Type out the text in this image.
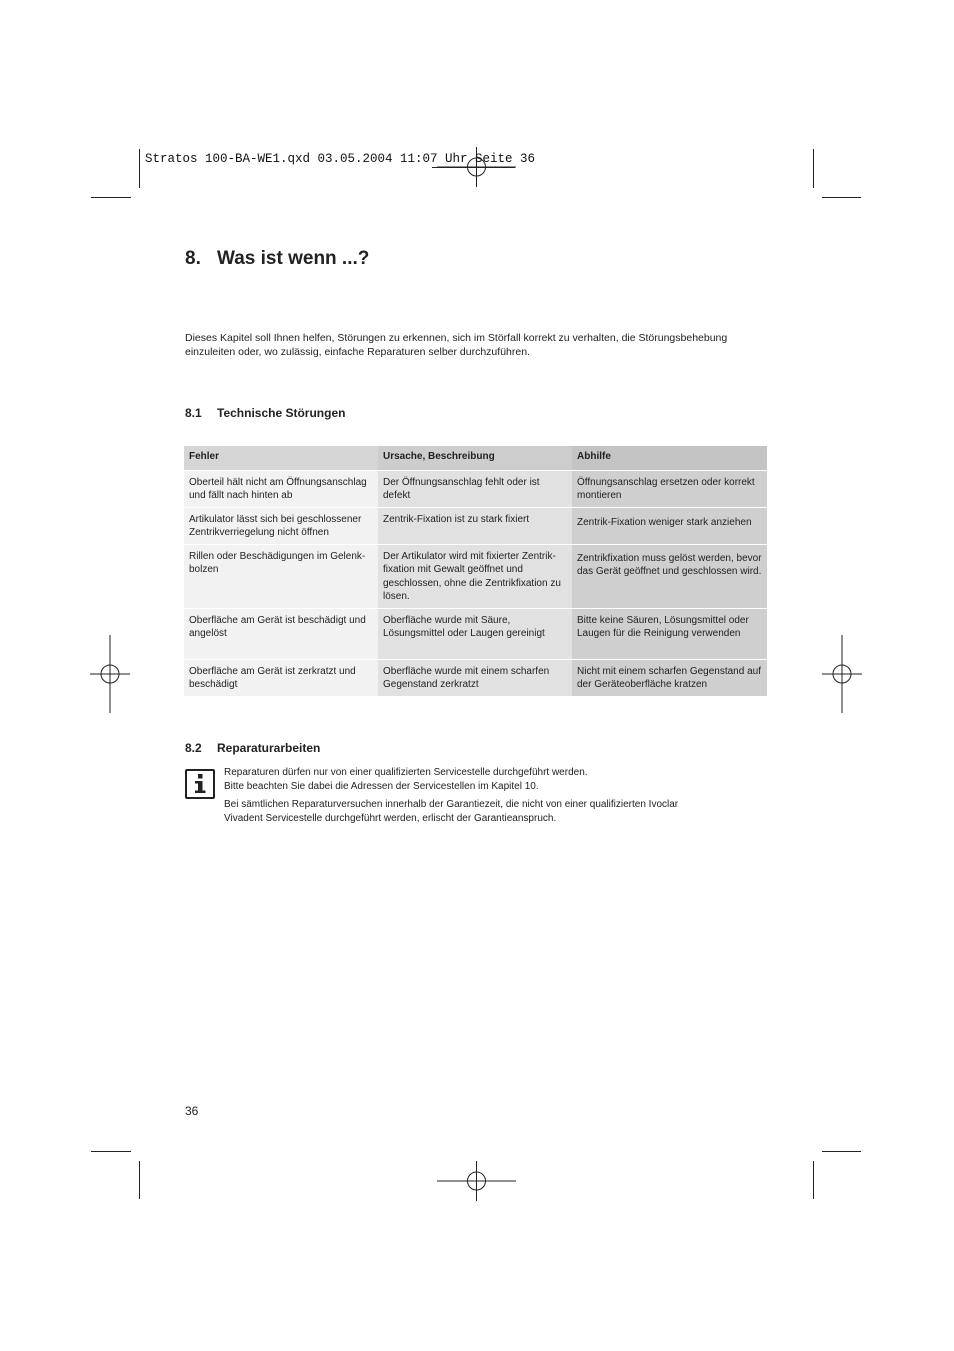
Stratos 100-BA-WE1.qxd 03.05.2004 11:07 Uhr Seite 36
8. Was ist wenn ...?
Dieses Kapitel soll Ihnen helfen, Störungen zu erkennen, sich im Störfall korrekt zu verhalten, die Störungsbehebung einzuleiten oder, wo zulässig, einfache Reparaturen selber durchzuführen.
8.1 Technische Störungen
Fehler	Ursache, Beschreibung	Abhilfe
Oberteil hält nicht am Öffnungsanschlag und fällt nach hinten ab	Der Öffnungsanschlag fehlt oder ist defekt	Öffnungsanschlag ersetzen oder korrekt montieren
Artikulator lässt sich bei geschlossener Zentrikverriegelung nicht öffnen	Zentrik-Fixation ist zu stark fixiert	Zentrik-Fixation weniger stark anziehen
Rillen oder Beschädigungen im Gelenkbolzen	Der Artikulator wird mit fixierter Zentrikfixation mit Gewalt geöffnet und geschlossen, ohne die Zentrikfixation zu lösen.	Zentrikfixation muss gelöst werden, bevor das Gerät geöffnet und geschlossen wird.
Oberfläche am Gerät ist beschädigt und angelöst	Oberfläche wurde mit Säure, Lösungsmittel oder Laugen gereinigt	Bitte keine Säuren, Lösungsmittel oder Laugen für die Reinigung verwenden
Oberfläche am Gerät ist zerkratzt und beschädigt	Oberfläche wurde mit einem scharfen Gegenstand zerkratzt	Nicht mit einem scharfen Gegenstand auf der Geräteoberfläche kratzen
8.2 Reparaturarbeiten
Reparaturen dürfen nur von einer qualifizierten Servicestelle durchgeführt werden.
Bitte beachten Sie dabei die Adressen der Servicestellen im Kapitel 10.
Bei sämtlichen Reparaturversuchen innerhalb der Garantiezeit, die nicht von einer qualifizierten Ivoclar Vivadent Servicestelle durchgeführt werden, erlischt der Garantieanspruch.
36
